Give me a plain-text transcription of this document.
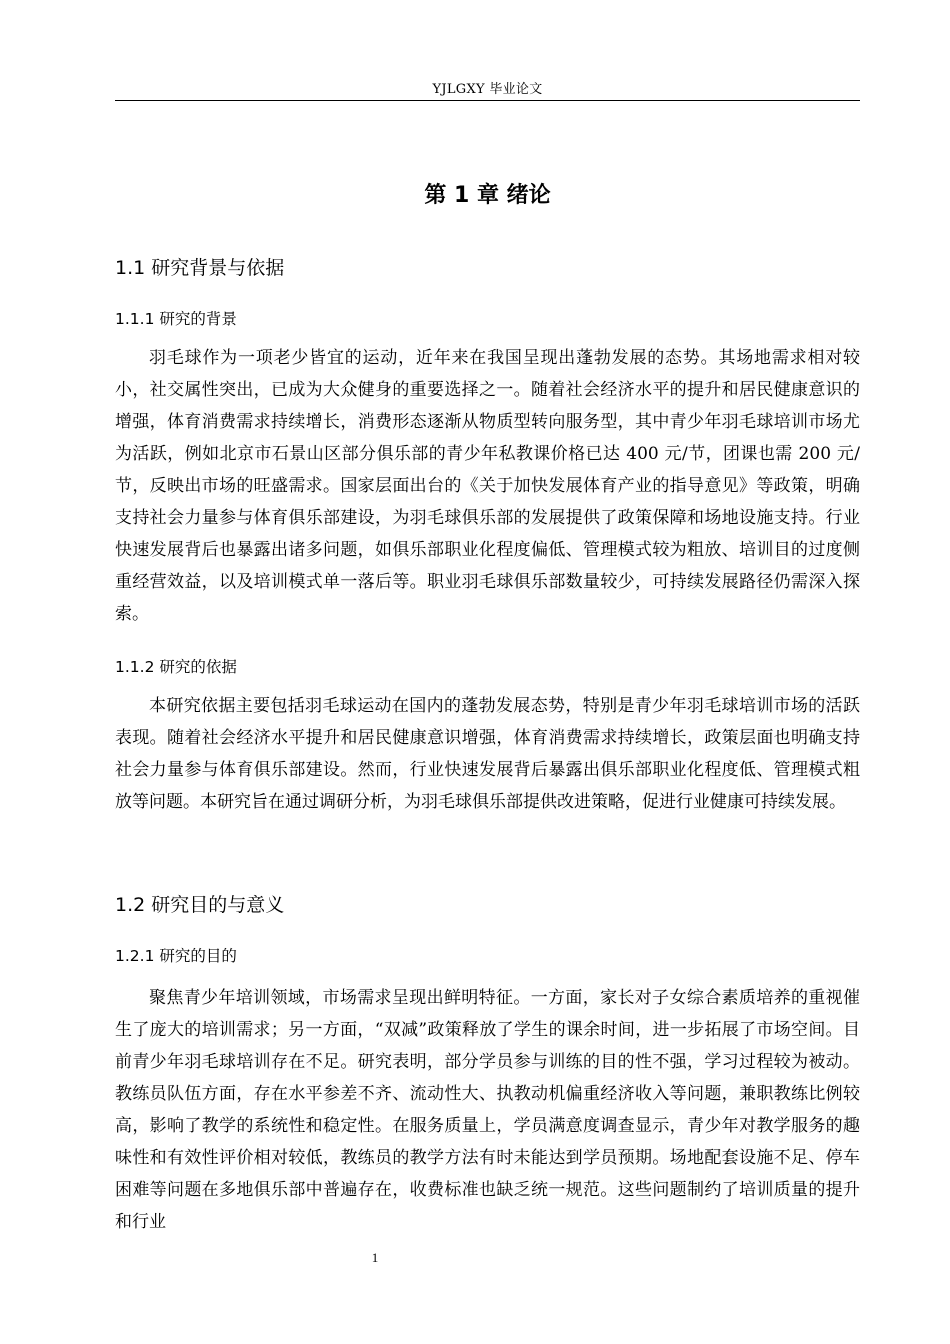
YJLGXY 毕业论文
第 1 章 绪论
1.1 研究背景与依据
1.1.1 研究的背景

羽毛球作为一项老少皆宜的运动，近年来在我国呈现出蓬勃发展的态势。其场地需求相对较小，社交属性突出，已成为大众健身的重要选择之一。随着社会经济水平的提升和居民健康意识的增强，体育消费需求持续增长，消费形态逐渐从物质型转向服务型，其中青少年羽毛球培训市场尤为活跃，例如北京市石景山区部分俱乐部的青少年私教课价格已达 400 元/节，团课也需 200 元/节，反映出市场的旺盛需求。国家层面出台的《关于加快发展体育产业的指导意见》等政策，明确支持社会力量参与体育俱乐部建设，为羽毛球俱乐部的发展提供了政策保障和场地设施支持。行业快速发展背后也暴露出诸多问题，如俱乐部职业化程度偏低、管理模式较为粗放、培训目的过度侧重经营效益，以及培训模式单一落后等。职业羽毛球俱乐部数量较少，可持续发展路径仍需深入探索。

1.1.2 研究的依据

本研究依据主要包括羽毛球运动在国内的蓬勃发展态势，特别是青少年羽毛球培训市场的活跃表现。随着社会经济水平提升和居民健康意识增强，体育消费需求持续增长，政策层面也明确支持社会力量参与体育俱乐部建设。然而，行业快速发展背后暴露出俱乐部职业化程度低、管理模式粗放等问题。本研究旨在通过调研分析，为羽毛球俱乐部提供改进策略，促进行业健康可持续发展。

1.2 研究目的与意义
1.2.1 研究的目的

聚焦青少年培训领域，市场需求呈现出鲜明特征。一方面，家长对子女综合素质培养的重视催生了庞大的培训需求；另一方面，“双减”政策释放了学生的课余时间，进一步拓展了市场空间。目前青少年羽毛球培训存在不足。研究表明，部分学员参与训练的目的性不强，学习过程较为被动。教练员队伍方面，存在水平参差不齐、流动性大、执教动机偏重经济收入等问题，兼职教练比例较高，影响了教学的系统性和稳定性。在服务质量上，学员满意度调查显示，青少年对教学服务的趣味性和有效性评价相对较低，教练员的教学方法有时未能达到学员预期。场地配套设施不足、停车困难等问题在多地俱乐部中普遍存在，收费标准也缺乏统一规范。这些问题制约了培训质量的提升和行业

1
